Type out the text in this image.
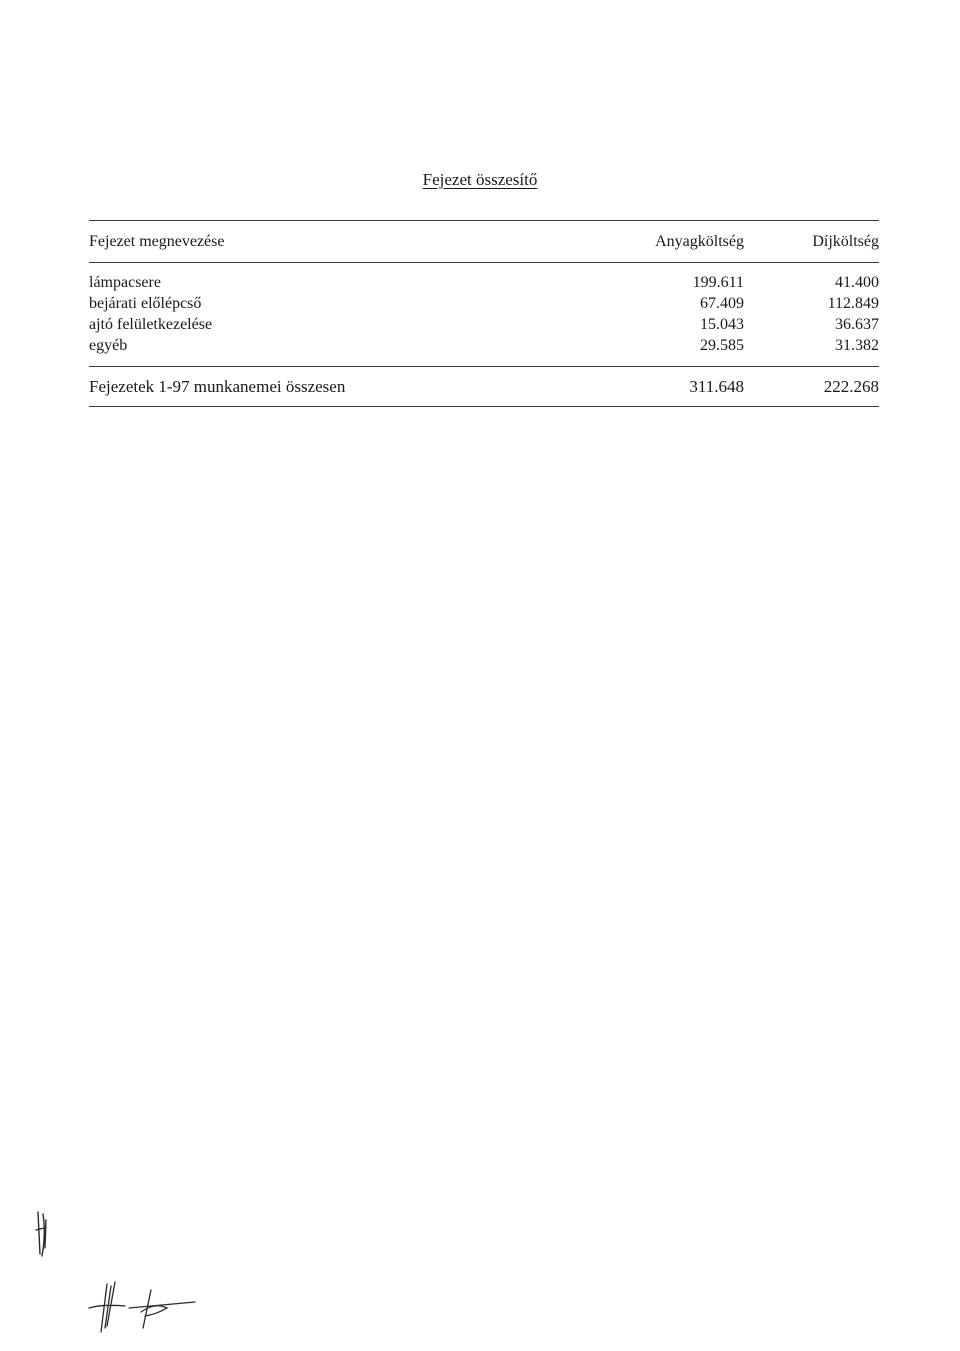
Fejezet összesítő
Fejezet megnevezése	Anyagköltség	Díjköltség
lámpacsere	199.611	41.400
bejárati előlépcső	67.409	112.849
ajtó felületkezelése	15.043	36.637
egyéb	29.585	31.382
Fejezetek 1-97 munkanemei összesen	311.648	222.268
